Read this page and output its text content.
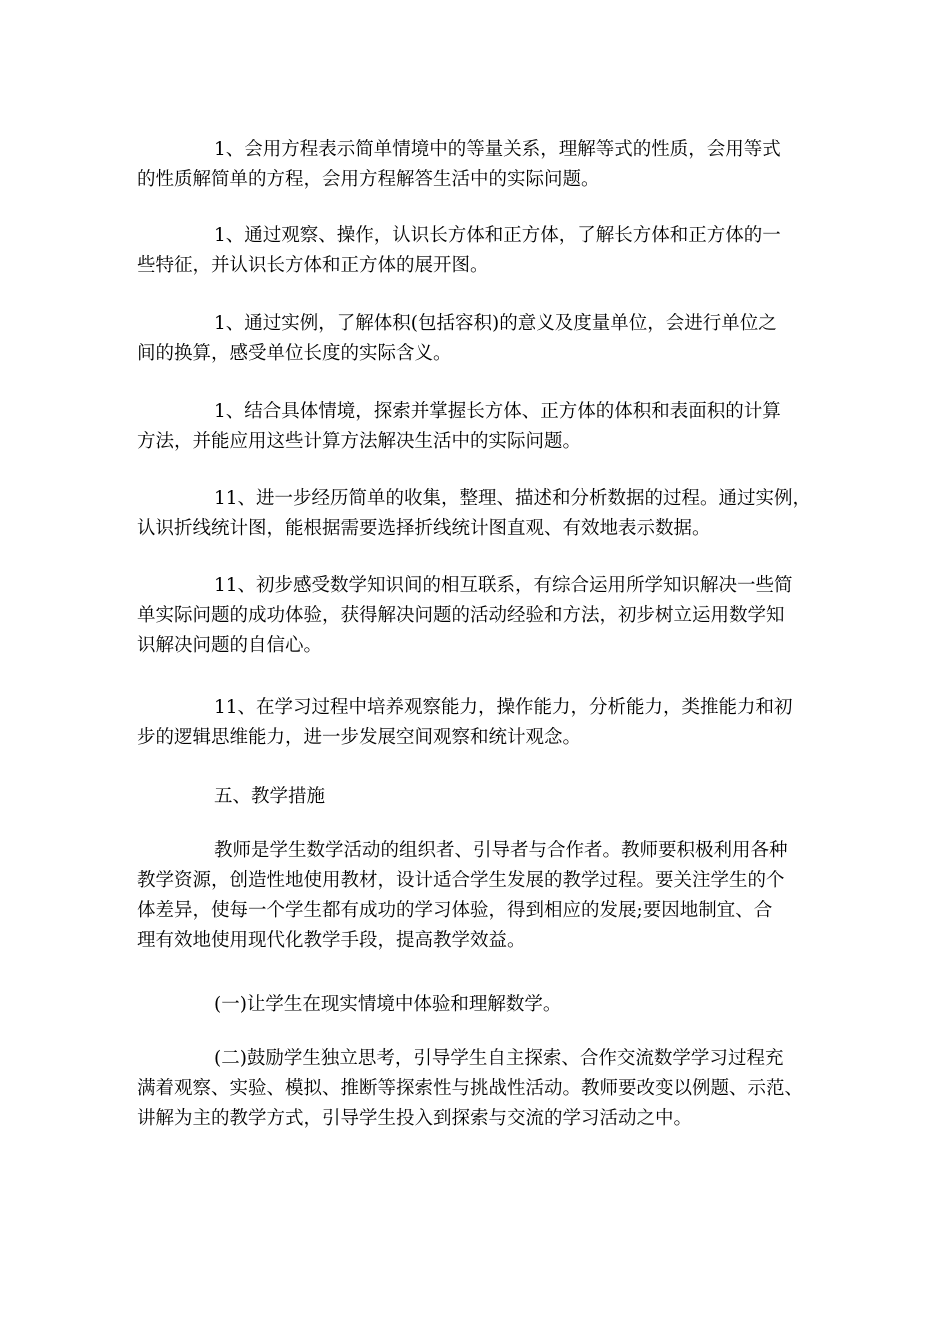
1、会用方程表示简单情境中的等量关系，理解等式的性质，会用等式
的性质解简单的方程，会用方程解答生活中的实际问题。
1、通过观察、操作，认识长方体和正方体，了解长方体和正方体的一
些特征，并认识长方体和正方体的展开图。
1、通过实例，了解体积(包括容积)的意义及度量单位，会进行单位之
间的换算，感受单位长度的实际含义。
1、结合具体情境，探索并掌握长方体、正方体的体积和表面积的计算
方法，并能应用这些计算方法解决生活中的实际问题。
11、进一步经历简单的收集，整理、描述和分析数据的过程。通过实例，
认识折线统计图，能根据需要选择折线统计图直观、有效地表示数据。
11、初步感受数学知识间的相互联系，有综合运用所学知识解决一些简
单实际问题的成功体验，获得解决问题的活动经验和方法，初步树立运用数学知
识解决问题的自信心。
11、在学习过程中培养观察能力，操作能力，分析能力，类推能力和初
步的逻辑思维能力，进一步发展空间观察和统计观念。
五、教学措施
教师是学生数学活动的组织者、引导者与合作者。教师要积极利用各种
教学资源，创造性地使用教材，设计适合学生发展的教学过程。要关注学生的个
体差异，使每一个学生都有成功的学习体验，得到相应的发展;要因地制宜、合
理有效地使用现代化教学手段，提高教学效益。
(一)让学生在现实情境中体验和理解数学。
(二)鼓励学生独立思考，引导学生自主探索、合作交流数学学习过程充
满着观察、实验、模拟、推断等探索性与挑战性活动。教师要改变以例题、示范、
讲解为主的教学方式，引导学生投入到探索与交流的学习活动之中。
